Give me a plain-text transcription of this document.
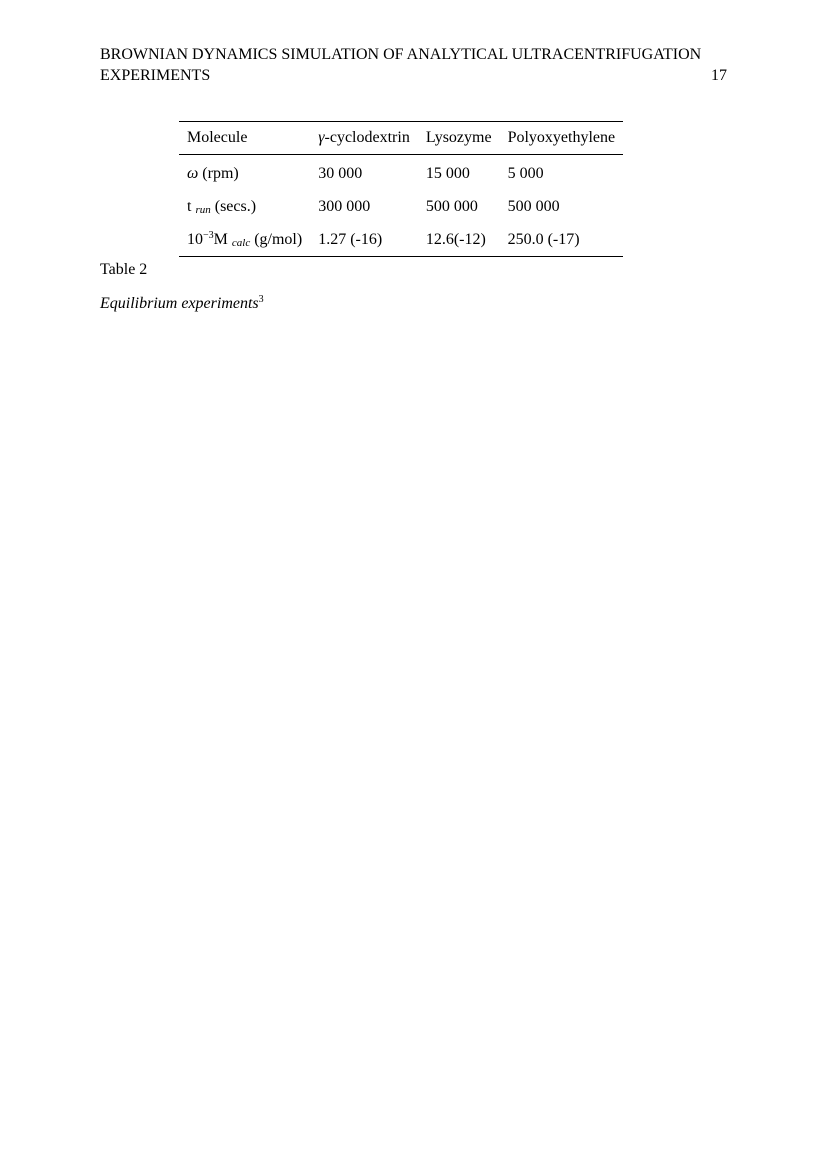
BROWNIAN DYNAMICS SIMULATION OF ANALYTICAL ULTRACENTRIFUGATION
EXPERIMENTS	17
Molecule	γ-cyclodextrin	Lysozyme	Polyoxyethylene
ω (rpm)	30 000	15 000	5 000
t run (secs.)	300 000	500 000	500 000
$10^{-3}M$ calc (g/mol)	1.27 (-16)	12.6(-12)	250.0 (-17)
Table 2
Equilibrium experiments$^3$
